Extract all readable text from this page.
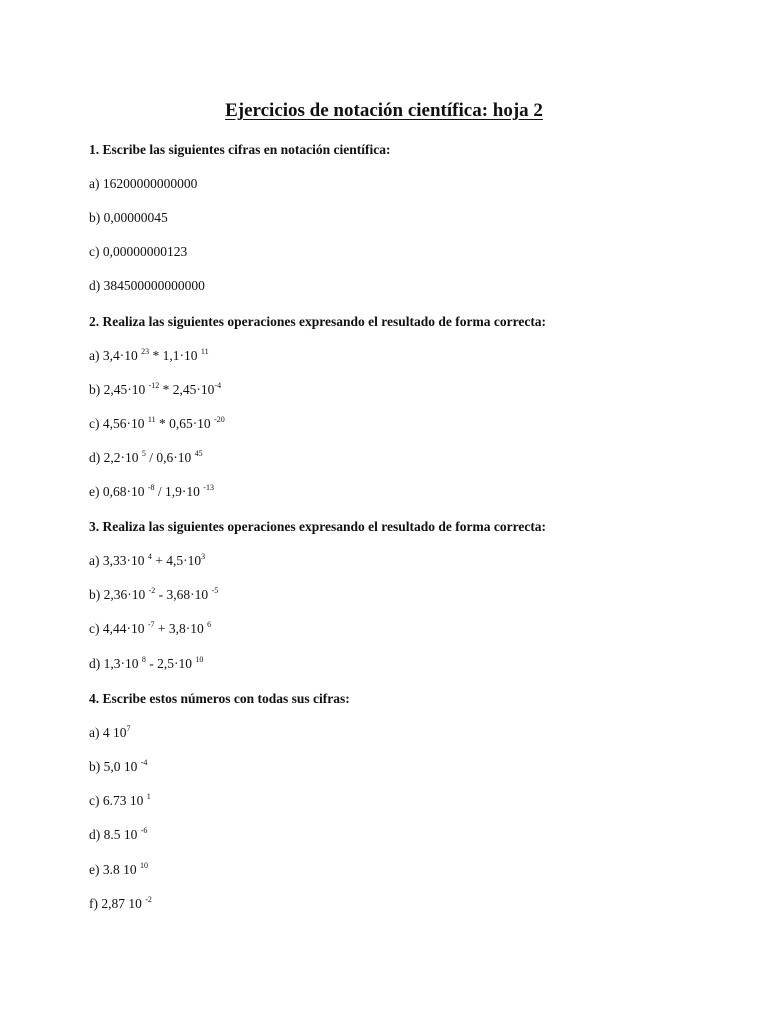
Ejercicios de notación científica: hoja 2
1. Escribe las siguientes cifras en notación científica:
a) 16200000000000
b) 0,00000045
c) 0,00000000123
d) 384500000000000
2. Realiza las siguientes operaciones expresando el resultado de forma correcta:
a) 3,4·10 $^{23}$ * 1,1·10 $^{11}$
b) 2,45·10 $^{-12} * 2,45\cdot 10^{-4}$
c) 4,56·10 $^{11}$ * 0,65·10 $^{-20}$
d) 2,2·10 $^5$ / 0,6·10 $^{45}$
e) 0,68·10 $^{-8}$ / 1,9·10 $^{-13}$
3. Realiza las siguientes operaciones expresando el resultado de forma correcta:
a) 3,33·10 $^4 + 4,5\cdot 10^3$
b) 2,36·10 $^{-2}$ - 3,68·10 $^{-5}$
c) 4,44·10 $^{-7}$ + 3,8·10 $^6$
d) 1,3·10 $^8$ - 2,5·10 $^{10}$
4. Escribe estos números con todas sus cifras:
a) 4 $10^7$
b) 5,0 10 $^{-4}$
c) 6.73 10 $^1$
d) 8.5 10 $^{-6}$
e) 3.8 10 $^{10}$
f) 2,87 10 $^{-2}$
